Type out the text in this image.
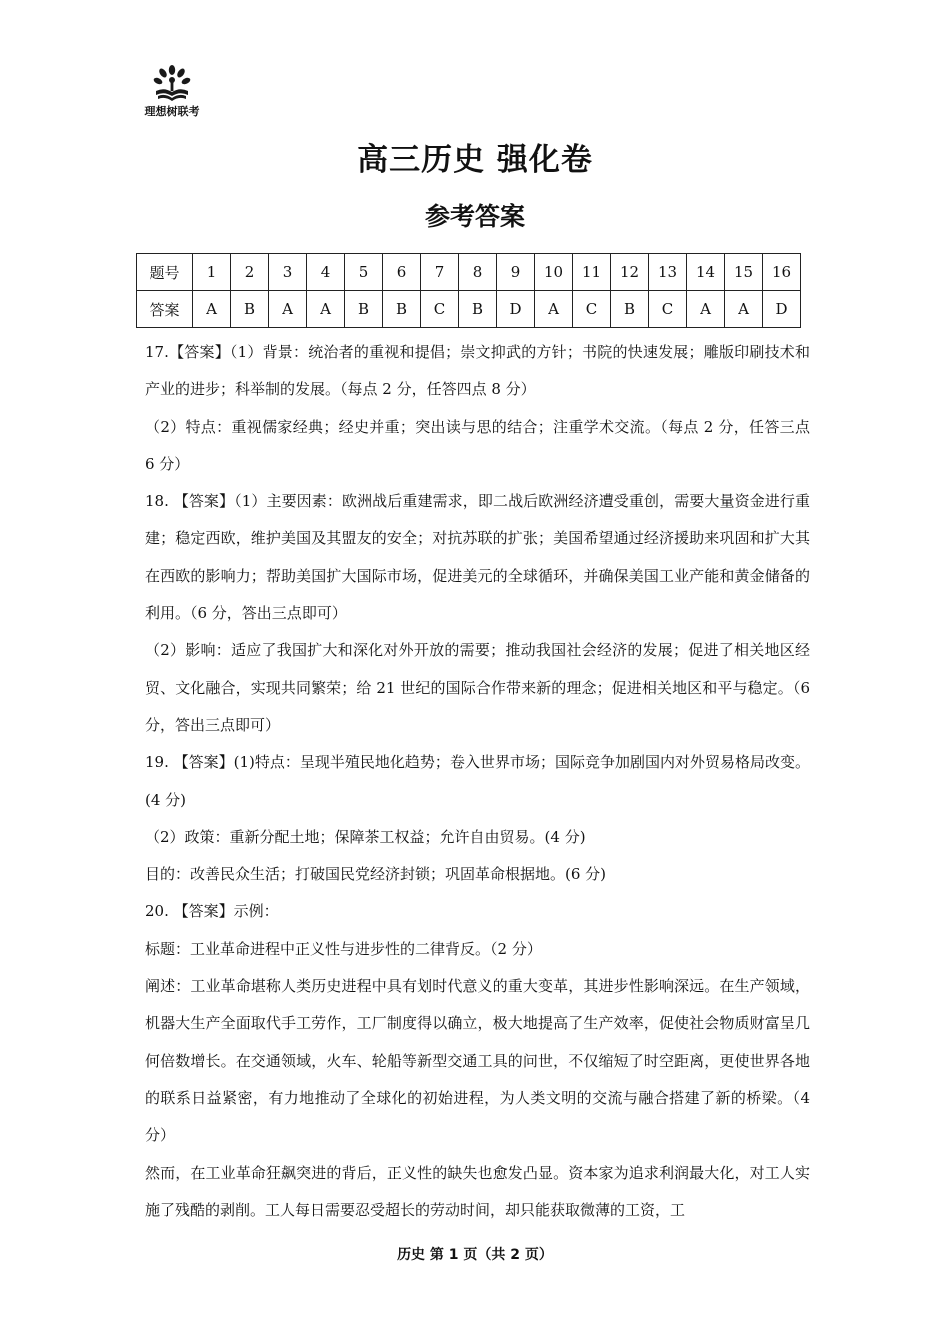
理想树联考
高三历史 强化卷
参考答案
题号	1	2	3	4	5	6	7	8	9	10	11	12	13	14	15	16
答案	A	B	A	A	B	B	C	B	D	A	C	B	C	A	A	D

17.【答案】（1）背景：统治者的重视和提倡；崇文抑武的方针；书院的快速发展；雕版印刷技术和产业的进步；科举制的发展。（每点 2 分，任答四点 8 分）

（2）特点：重视儒家经典；经史并重；突出读与思的结合；注重学术交流。（每点 2 分，任答三点 6 分）

18. 【答案】（1）主要因素：欧洲战后重建需求，即二战后欧洲经济遭受重创，需要大量资金进行重建；稳定西欧，维护美国及其盟友的安全；对抗苏联的扩张；美国希望通过经济援助来巩固和扩大其在西欧的影响力；帮助美国扩大国际市场，促进美元的全球循环，并确保美国工业产能和黄金储备的利用。（6 分，答出三点即可）

（2）影响：适应了我国扩大和深化对外开放的需要；推动我国社会经济的发展；促进了相关地区经贸、文化融合，实现共同繁荣；给 21 世纪的国际合作带来新的理念；促进相关地区和平与稳定。（6 分，答出三点即可）

19. 【答案】(1)特点：呈现半殖民地化趋势；卷入世界市场；国际竞争加剧国内对外贸易格局改变。(4 分)

（2）政策：重新分配土地；保障茶工权益；允许自由贸易。(4 分)

目的：改善民众生活；打破国民党经济封锁；巩固革命根据地。(6 分)

20. 【答案】示例：

标题：工业革命进程中正义性与进步性的二律背反。（2 分）

阐述：工业革命堪称人类历史进程中具有划时代意义的重大变革，其进步性影响深远。在生产领域，机器大生产全面取代手工劳作，工厂制度得以确立，极大地提高了生产效率，促使社会物质财富呈几何倍数增长。在交通领域，火车、轮船等新型交通工具的问世，不仅缩短了时空距离，更使世界各地的联系日益紧密，有力地推动了全球化的初始进程，为人类文明的交流与融合搭建了新的桥梁。（4 分）

然而，在工业革命狂飙突进的背后，正义性的缺失也愈发凸显。资本家为追求利润最大化，对工人实施了残酷的剥削。工人每日需要忍受超长的劳动时间，却只能获取微薄的工资，工

历史 第 1 页（共 2 页）
